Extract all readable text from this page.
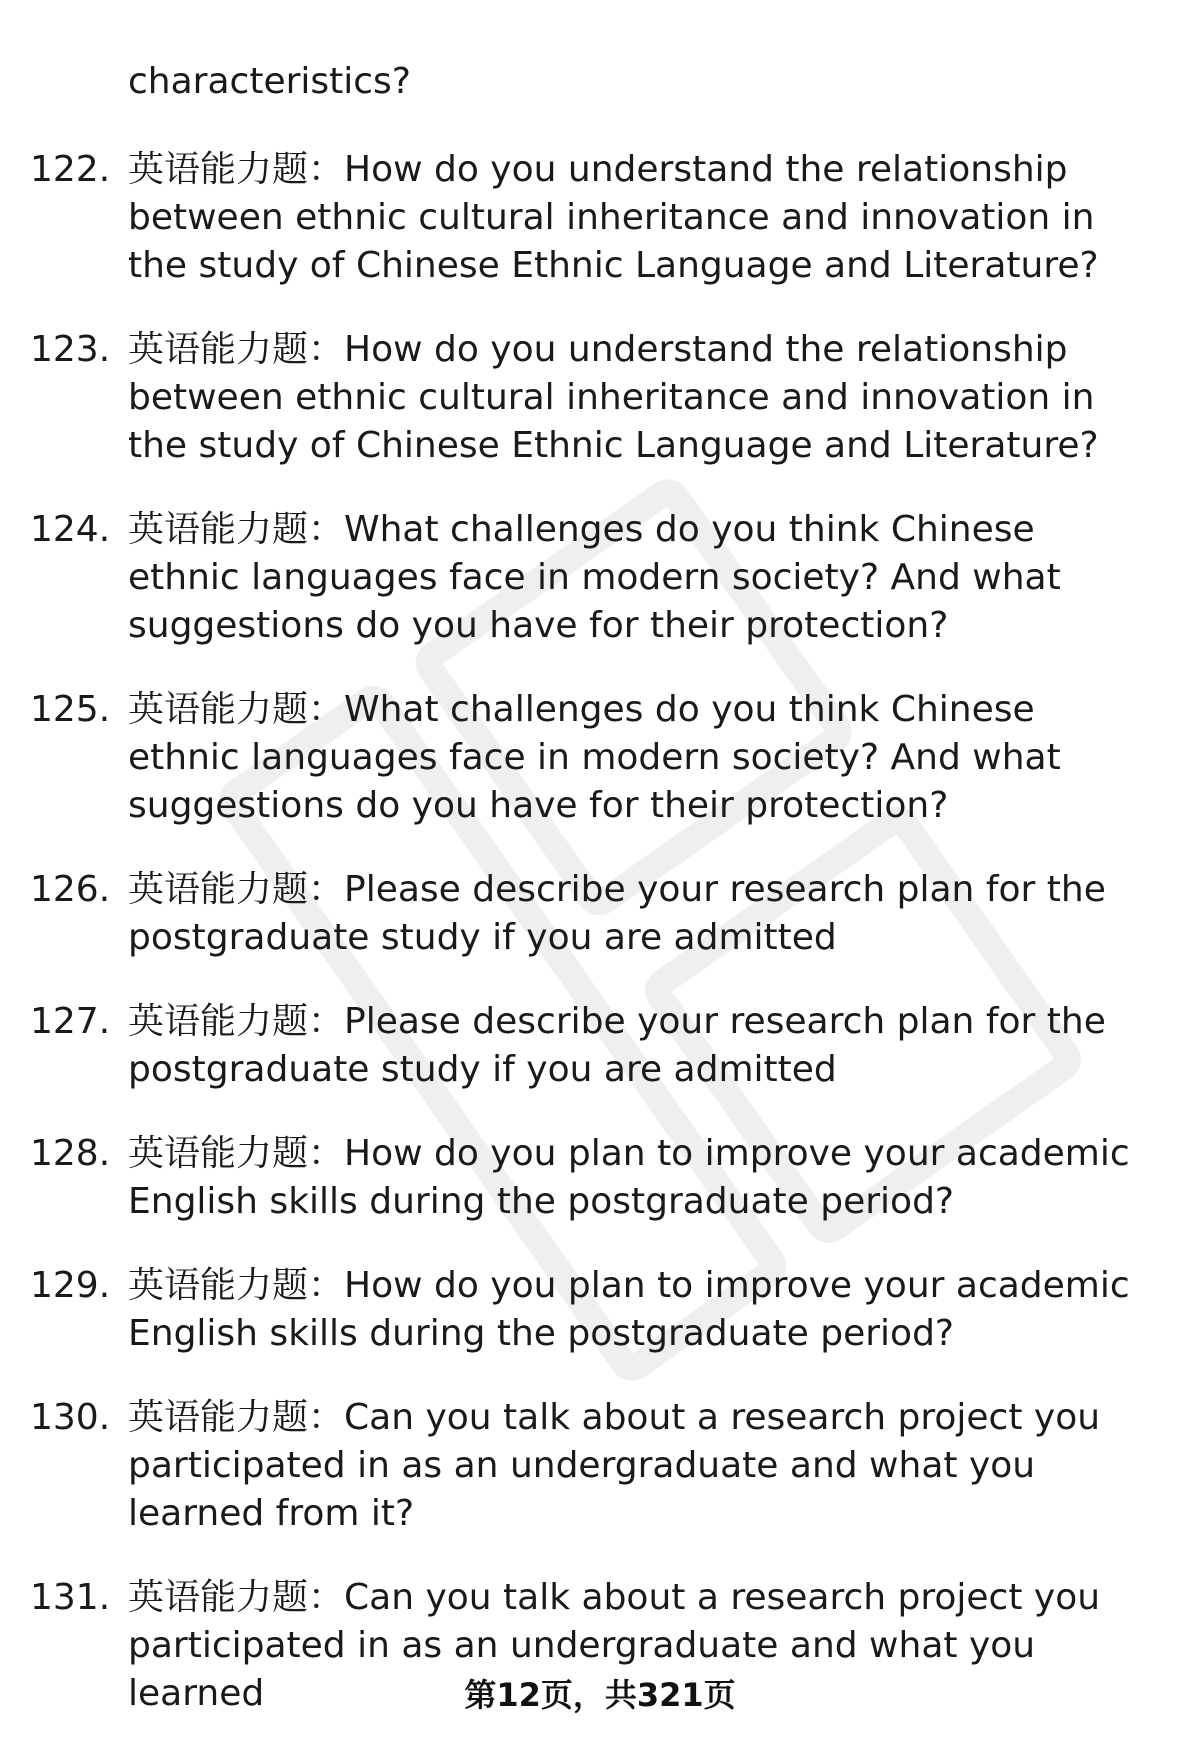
characteristics?

122. 英语能力题：How do you understand the relationship between ethnic cultural inheritance and innovation in the study of Chinese Ethnic Language and Literature?
123. 英语能力题：How do you understand the relationship between ethnic cultural inheritance and innovation in the study of Chinese Ethnic Language and Literature?
124. 英语能力题：What challenges do you think Chinese ethnic languages face in modern society? And what suggestions do you have for their protection?
125. 英语能力题：What challenges do you think Chinese ethnic languages face in modern society? And what suggestions do you have for their protection?
126. 英语能力题：Please describe your research plan for the postgraduate study if you are admitted
127. 英语能力题：Please describe your research plan for the postgraduate study if you are admitted
128. 英语能力题：How do you plan to improve your academic English skills during the postgraduate period?
129. 英语能力题：How do you plan to improve your academic English skills during the postgraduate period?
130. 英语能力题：Can you talk about a research project you participated in as an undergraduate and what you learned from it?
131. 英语能力题：Can you talk about a research project you participated in as an undergraduate and what you learned	第12页，共321页
